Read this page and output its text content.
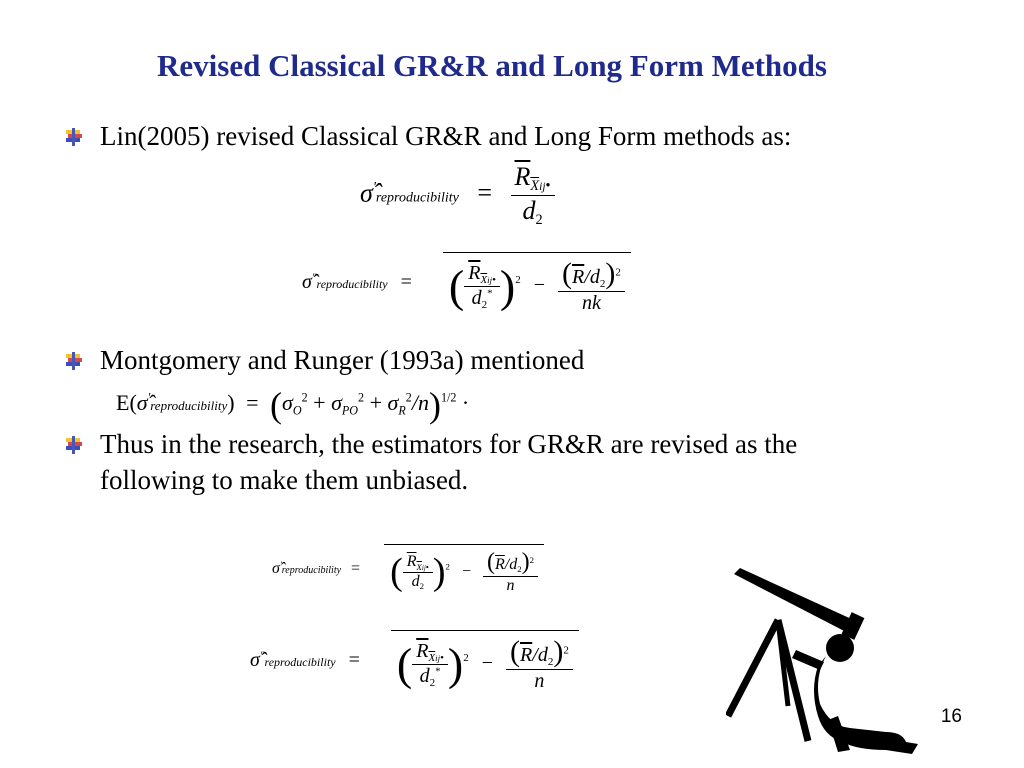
Revised Classical GR&R and Long Form Methods
Lin(2005) revised Classical GR&R and Long Form methods as:
σ̂'reproducibility = $\frac{\overline{R}_{\overline{X}ij•}}{d_2}$
σ̂"reproducibility = ( $\frac{\overline{R}_{\overline{X}ij•}}{d_2^*} )^2 - \frac{(\overline{R}/d_2)^2}{nk}$
Montgomery and Runger (1993a) mentioned
E(σ̂'reproducibility) = $(\sigma_O^2 + \sigma_{PO}^2 + \sigma_R^2/n)^{1/2}$ ·
Thus in the research, the estimators for GR&R are revised as the
following to make them unbiased.
σ̂'reproducibility = ( $\frac{\overline{R}_{\overline{X}ij•}}{d_2} )^2 - \frac{(\overline{R}/d_2)^2}{n}$
σ̂"reproducibility = ( $\frac{\overline{R}_{\overline{X}ij•}}{d_2^*} )^2 - \frac{(\overline{R}/d_2)^2}{n}$
16
